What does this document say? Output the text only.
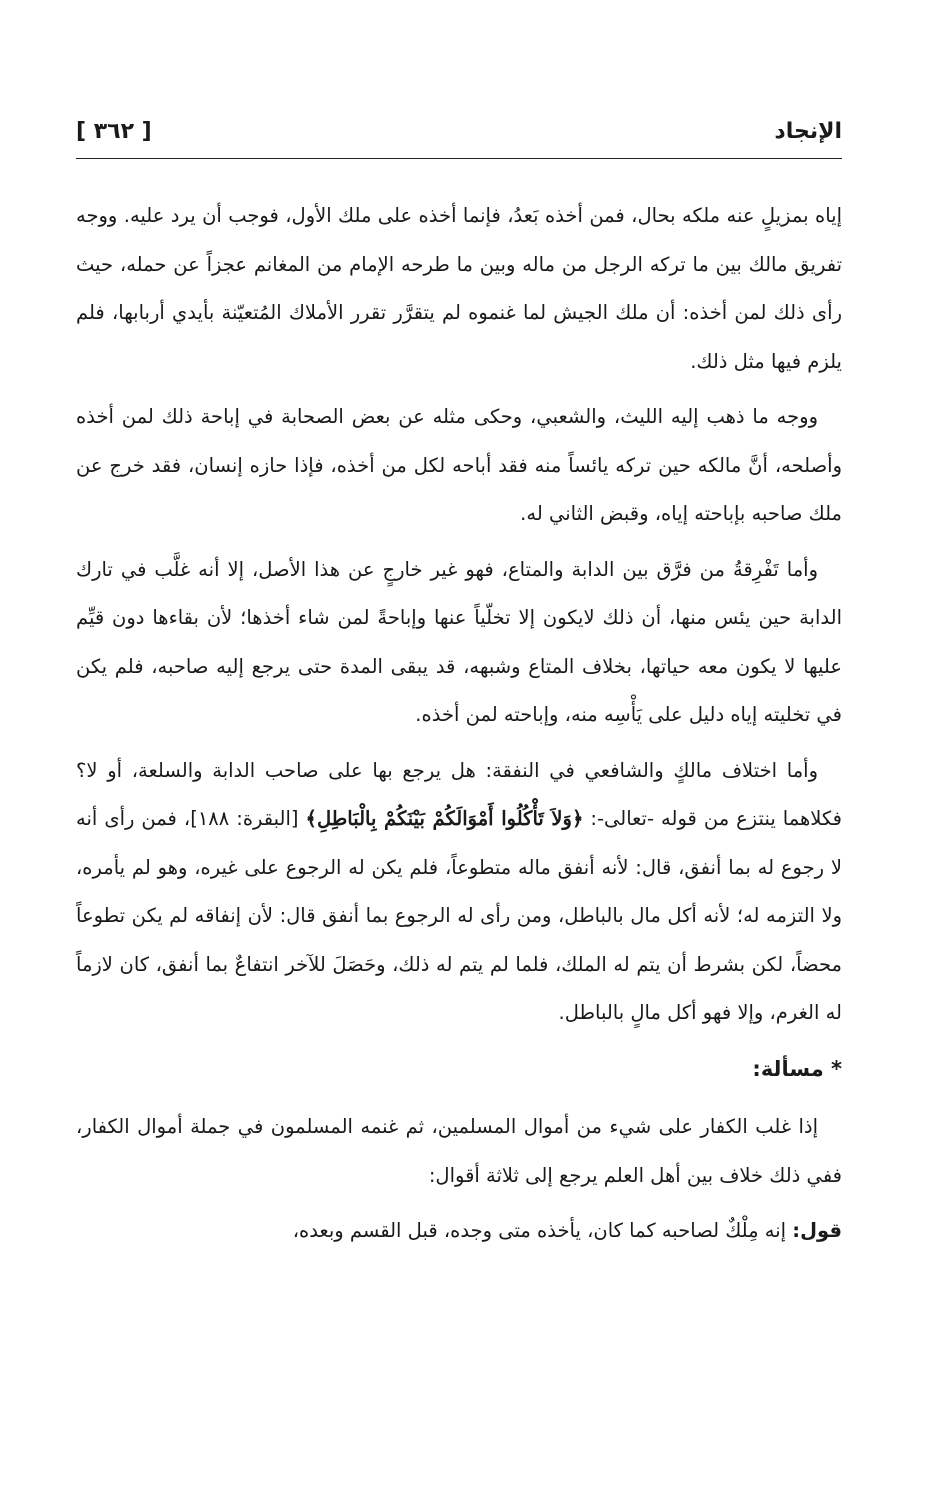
الإنجاد
[ ٣٦٢ ]

إياه بمزيلٍ عنه ملكه بحال، فمن أخذه بَعدُ، فإنما أخذه على ملك الأول، فوجب أن يرد عليه. ووجه تفريق مالك بين ما تركه الرجل من ماله وبين ما طرحه الإمام من المغانم عجزاً عن حمله، حيث رأى ذلك لمن أخذه: أن ملك الجيش لما غنموه لم يتقرَّر تقرر الأملاك المُتعيّنة بأيدي أربابها، فلم يلزم فيها مثل ذلك.

ووجه ما ذهب إليه الليث، والشعبي، وحكى مثله عن بعض الصحابة في إباحة ذلك لمن أخذه وأصلحه، أنَّ مالكه حين تركه يائساً منه فقد أباحه لكل من أخذه، فإذا حازه إنسان، فقد خرج عن ملك صاحبه بإباحته إياه، وقبض الثاني له.

وأما تَفْرِقةُ من فرَّق بين الدابة والمتاع، فهو غير خارجٍ عن هذا الأصل، إلا أنه غلَّب في تارك الدابة حين يئس منها، أن ذلك لايكون إلا تخلّياً عنها وإباحةً لمن شاء أخذها؛ لأن بقاءها دون قيِّم عليها لا يكون معه حياتها، بخلاف المتاع وشبهه، قد يبقى المدة حتى يرجع إليه صاحبه، فلم يكن في تخليته إياه دليل على يَأْسِه منه، وإباحته لمن أخذه.

وأما اختلاف مالكٍ والشافعي في النفقة: هل يرجع بها على صاحب الدابة والسلعة، أو لا؟ فكلاهما ينتزع من قوله -تعالى-: ﴿وَلاَ تَأْكُلُوا أَمْوَالَكُمْ بَيْنَكُمْ بِالْبَاطِلِ﴾ [البقرة: ١٨٨]، فمن رأى أنه لا رجوع له بما أنفق، قال: لأنه أنفق ماله متطوعاً، فلم يكن له الرجوع على غيره، وهو لم يأمره، ولا التزمه له؛ لأنه أكل مال بالباطل، ومن رأى له الرجوع بما أنفق قال: لأن إنفاقه لم يكن تطوعاً محضاً، لكن بشرط أن يتم له الملك، فلما لم يتم له ذلك، وحَصَلَ للآخر انتفاعٌ بما أنفق، كان لازماً له الغرم، وإلا فهو أكل مالٍ بالباطل.

* مسألة:

إذا غلب الكفار على شيء من أموال المسلمين، ثم غنمه المسلمون في جملة أموال الكفار، ففي ذلك خلاف بين أهل العلم يرجع إلى ثلاثة أقوال:

قول: إنه مِلْكٌ لصاحبه كما كان، يأخذه متى وجده، قبل القسم وبعده،
